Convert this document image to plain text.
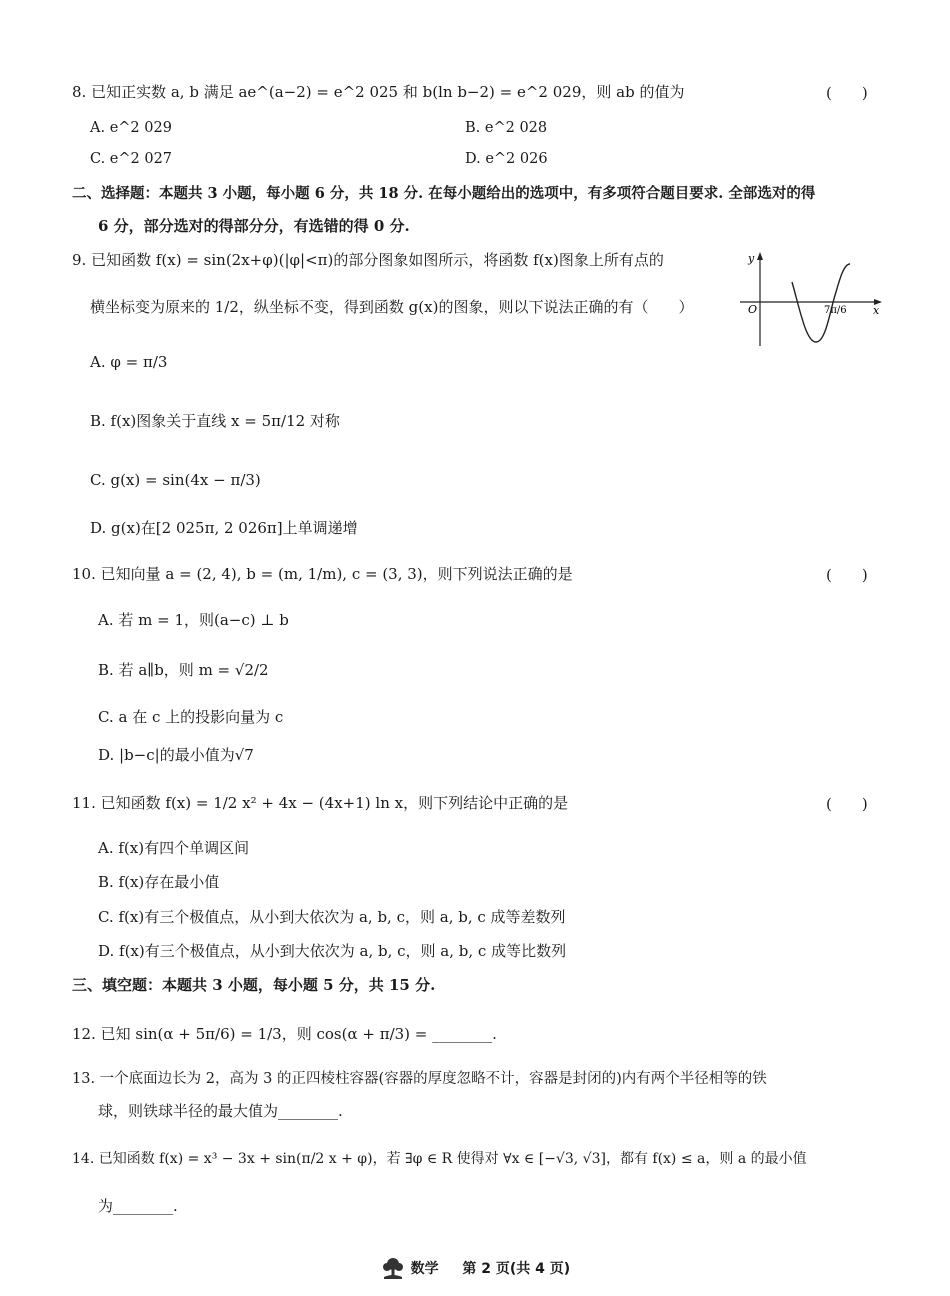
8. 已知正实数 a, b 满足 ae^(a−2) = e^2 025 和 b(ln b−2) = e^2 029，则 ab 的值为	(　　)
A. e^2 029	B. e^2 028
C. e^2 027	D. e^2 026
二、选择题：本题共 3 小题，每小题 6 分，共 18 分. 在每小题给出的选项中，有多项符合题目要求. 全部选对的得
6 分，部分选对的得部分分，有选错的得 0 分.
9. 已知函数 f(x) = sin(2x+φ)(|φ|<π)的部分图象如图所示，将函数 f(x)图象上所有点的
横坐标变为原来的 1/2，纵坐标不变，得到函数 g(x)的图象，则以下说法正确的有（　　）
y
x
O	7π/6
A. φ = π/3
B. f(x)图象关于直线 x = 5π/12 对称
C. g(x) = sin(4x − π/3)
D. g(x)在[2 025π, 2 026π]上单调递增
10. 已知向量 a = (2, 4), b = (m, 1/m), c = (3, 3)，则下列说法正确的是	(　　)
A. 若 m = 1，则(a−c) ⊥ b
B. 若 a∥b，则 m = √2/2
C. a 在 c 上的投影向量为 c
D. |b−c|的最小值为√7
11. 已知函数 f(x) = 1/2 x² + 4x − (4x+1) ln x，则下列结论中正确的是	(　　)
A. f(x)有四个单调区间
B. f(x)存在最小值
C. f(x)有三个极值点，从小到大依次为 a, b, c，则 a, b, c 成等差数列
D. f(x)有三个极值点，从小到大依次为 a, b, c，则 a, b, c 成等比数列
三、填空题：本题共 3 小题，每小题 5 分，共 15 分.
12. 已知 sin(α + 5π/6) = 1/3，则 cos(α + π/3) = ________.
13. 一个底面边长为 2，高为 3 的正四棱柱容器(容器的厚度忽略不计，容器是封闭的)内有两个半径相等的铁
球，则铁球半径的最大值为________.
14. 已知函数 f(x) = x³ − 3x + sin(π/2 x + φ)，若 ∃φ ∈ R 使得对 ∀x ∈ [−√3, √3]，都有 f(x) ≤ a，则 a 的最小值
为________.
数学 第 2 页(共 4 页)
